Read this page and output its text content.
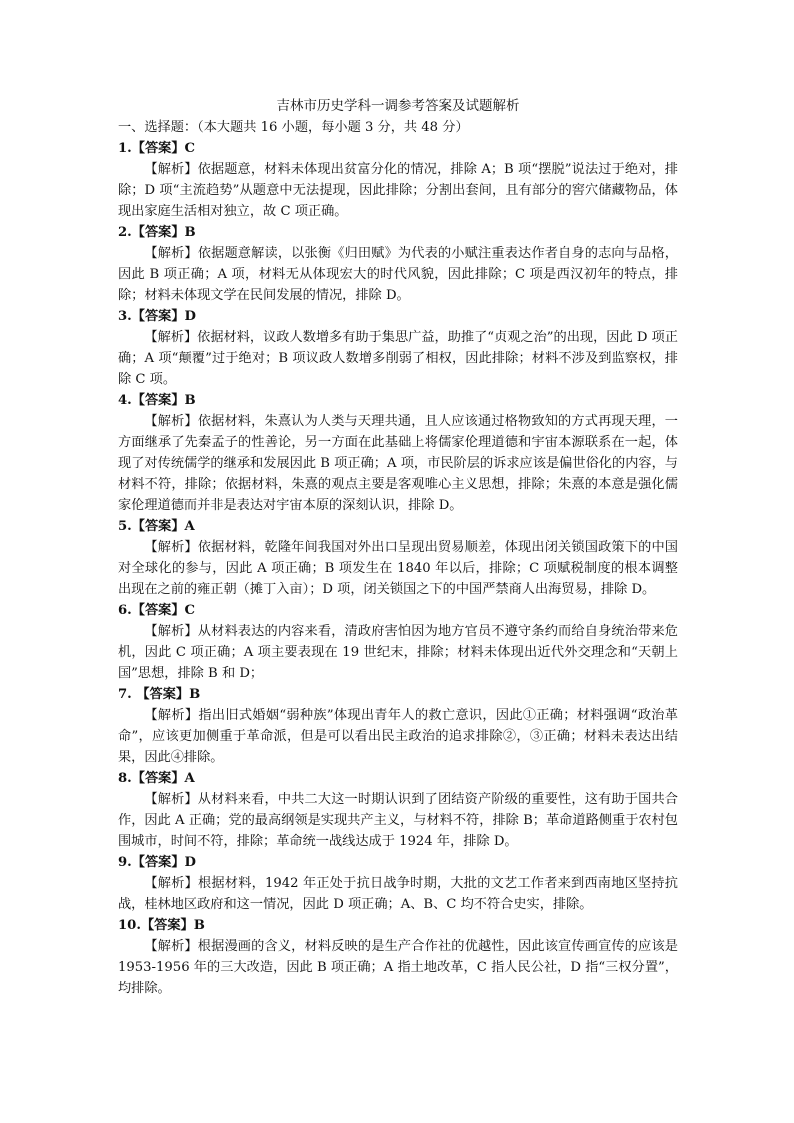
吉林市历史学科一调参考答案及试题解析

一、选择题：（本大题共 16 小题，每小题 3 分，共 48 分）

1.【答案】C

【解析】依据题意，材料未体现出贫富分化的情况，排除 A；B 项“摆脱”说法过于绝对，排除；D 项“主流趋势”从题意中无法提现，因此排除；分割出套间，且有部分的窖穴储藏物品，体现出家庭生活相对独立，故 C 项正确。

2.【答案】B

【解析】依据题意解读，以张衡《归田赋》为代表的小赋注重表达作者自身的志向与品格，因此 B 项正确；A 项，材料无从体现宏大的时代风貌，因此排除；C 项是西汉初年的特点，排除；材料未体现文学在民间发展的情况，排除 D。

3.【答案】D

【解析】依据材料，议政人数增多有助于集思广益，助推了“贞观之治”的出现，因此 D 项正确；A 项“颠覆”过于绝对；B 项议政人数增多削弱了相权，因此排除；材料不涉及到监察权，排除 C 项。

4.【答案】B

【解析】依据材料，朱熹认为人类与天理共通，且人应该通过格物致知的方式再现天理，一方面继承了先秦孟子的性善论，另一方面在此基础上将儒家伦理道德和宇宙本源联系在一起，体现了对传统儒学的继承和发展因此 B 项正确；A 项，市民阶层的诉求应该是偏世俗化的内容，与材料不符，排除；依据材料，朱熹的观点主要是客观唯心主义思想，排除；朱熹的本意是强化儒家伦理道德而并非是表达对宇宙本原的深刻认识，排除 D。

5.【答案】A

【解析】依据材料，乾隆年间我国对外出口呈现出贸易顺差，体现出闭关锁国政策下的中国对全球化的参与，因此 A 项正确；B 项发生在 1840 年以后，排除；C 项赋税制度的根本调整出现在之前的雍正朝（摊丁入亩）；D 项，闭关锁国之下的中国严禁商人出海贸易，排除 D。

6.【答案】C

【解析】从材料表达的内容来看，清政府害怕因为地方官员不遵守条约而给自身统治带来危机，因此 C 项正确；A 项主要表现在 19 世纪末，排除；材料未体现出近代外交理念和“天朝上国”思想，排除 B 和 D；

7. 【答案】B

【解析】指出旧式婚姻“弱种族”体现出青年人的救亡意识，因此①正确；材料强调“政治革命”，应该更加侧重于革命派，但是可以看出民主政治的追求排除②，③正确；材料未表达出结果，因此④排除。

8.【答案】A

【解析】从材料来看，中共二大这一时期认识到了团结资产阶级的重要性，这有助于国共合作，因此 A 正确；党的最高纲领是实现共产主义，与材料不符，排除 B；革命道路侧重于农村包围城市，时间不符，排除；革命统一战线达成于 1924 年，排除 D。

9.【答案】D

【解析】根据材料，1942 年正处于抗日战争时期，大批的文艺工作者来到西南地区坚持抗战，桂林地区政府和这一情况，因此 D 项正确；A、B、C 均不符合史实，排除。

10.【答案】B

【解析】根据漫画的含义，材料反映的是生产合作社的优越性，因此该宣传画宣传的应该是 1953-1956 年的三大改造，因此 B 项正确；A 指土地改革，C 指人民公社，D 指“三权分置”，均排除。
